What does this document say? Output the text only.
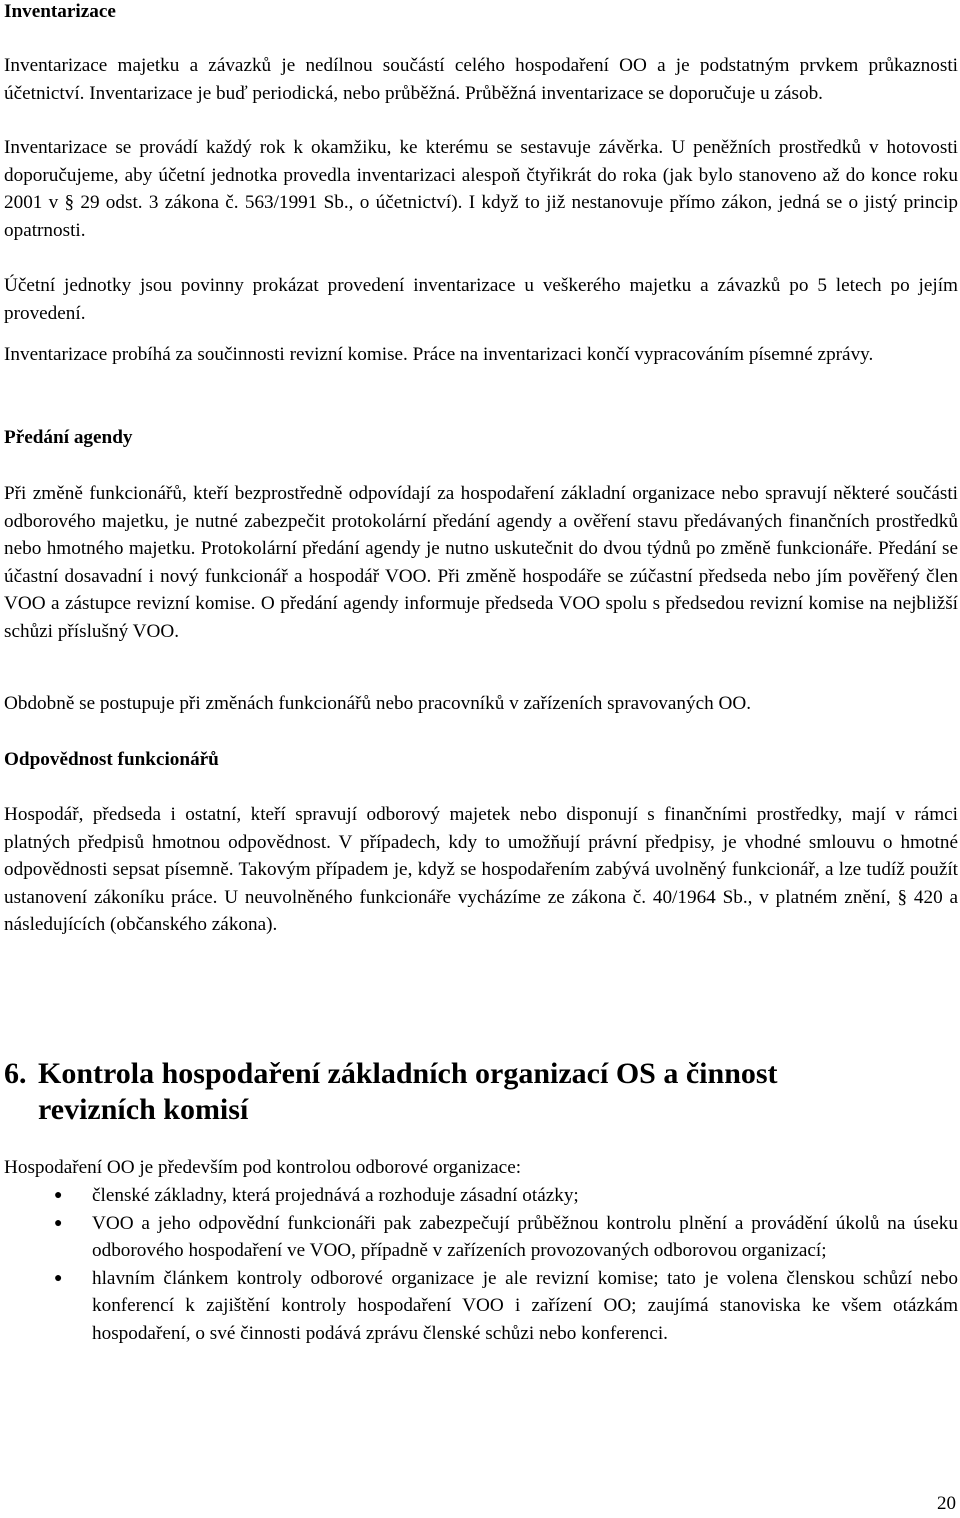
Inventarizace

Inventarizace majetku a závazků je nedílnou součástí celého hospodaření OO a je podstatným prvkem průkaznosti účetnictví. Inventarizace je buď periodická, nebo průběžná. Průběžná inventarizace se doporučuje u zásob.

Inventarizace se provádí každý rok k okamžiku, ke kterému se sestavuje závěrka. U peněžních prostředků v hotovosti doporučujeme, aby účetní jednotka provedla inventarizaci alespoň čtyřikrát do roka (jak bylo stanoveno až do konce roku 2001 v § 29 odst. 3 zákona č. 563/1991 Sb., o účetnictví). I když to již nestanovuje přímo zákon, jedná se o jistý princip opatrnosti.

Účetní jednotky jsou povinny prokázat provedení inventarizace u veškerého majetku a závazků po 5 letech po jejím provedení.

Inventarizace probíhá za součinnosti revizní komise. Práce na inventarizaci končí vypracováním písemné zprávy.

Předání agendy

Při změně funkcionářů, kteří bezprostředně odpovídají za hospodaření základní organizace nebo spravují některé součásti odborového majetku, je nutné zabezpečit protokolární předání agendy a ověření stavu předávaných finančních prostředků nebo hmotného majetku. Protokolární předání agendy je nutno uskutečnit do dvou týdnů po změně funkcionáře. Předání se účastní dosavadní i nový funkcionář a hospodář VOO. Při změně hospodáře se zúčastní předseda nebo jím pověřený člen VOO a zástupce revizní komise. O předání agendy informuje předseda VOO spolu s předsedou revizní komise na nejbližší schůzi příslušný VOO.

Obdobně se postupuje při změnách funkcionářů nebo pracovníků v zařízeních spravovaných OO.

Odpovědnost funkcionářů

Hospodář, předseda i ostatní, kteří spravují odborový majetek nebo disponují s finančními prostředky, mají v rámci platných předpisů hmotnou odpovědnost. V případech, kdy to umožňují právní předpisy, je vhodné smlouvu o hmotné odpovědnosti sepsat písemně. Takovým případem je, když se hospodařením zabývá uvolněný funkcionář, a lze tudíž použít ustanovení zákoníku práce. U neuvolněného funkcionáře vycházíme ze zákona č. 40/1964 Sb., v platném znění, § 420 a následujících (občanského zákona).

6. Kontrola hospodaření základních organizací OS a činnost
revizních komisí

Hospodaření OO je především pod kontrolou odborové organizace:

● členské základny, která projednává a rozhoduje zásadní otázky;
● VOO a jeho odpovědní funkcionáři pak zabezpečují průběžnou kontrolu plnění a provádění úkolů na úseku odborového hospodaření ve VOO, případně v zařízeních provozovaných odborovou organizací;
● hlavním článkem kontroly odborové organizace je ale revizní komise; tato je volena členskou schůzí nebo konferencí k zajištění kontroly hospodaření VOO i zařízení OO; zaujímá stanoviska ke všem otázkám hospodaření, o své činnosti podává zprávu členské schůzi nebo konferenci.
20
